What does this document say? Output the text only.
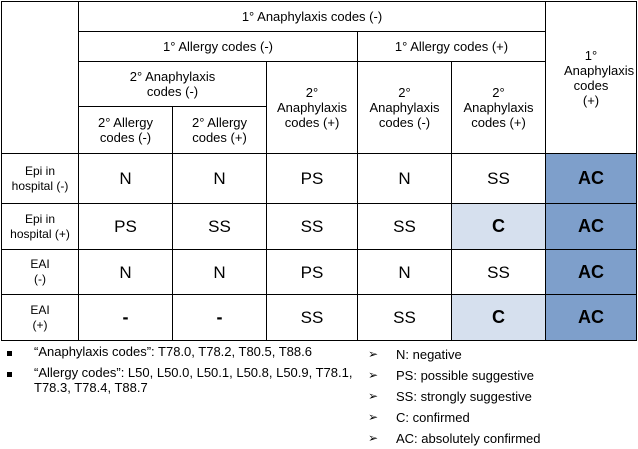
	1° Anaphylaxis codes (-)					1° Anaphylaxis codes (+)
	1° Allergy codes (-)			1° Allergy codes (+)		
	2° Anaphylaxis codes (-)		2° Anaphylaxis codes (+)	2° Anaphylaxis codes (-)	2° Anaphylaxis codes (+)	
	2° Allergy codes (-)	2° Allergy codes (+)				
Epi in hospital (-)	N	N	PS	N	SS	AC
Epi in hospital (+)	PS	SS	SS	SS	C	AC
EAI (-)	N	N	PS	N	SS	AC
EAI (+)	-	-	SS	SS	C	AC
“Anaphylaxis codes”: T78.0, T78.2, T80.5, T88.6
“Allergy codes”: L50, L50.0, L50.1, L50.8, L50.9, T78.1, T78.3, T78.4, T88.7
➢	N: negative
➢	PS: possible suggestive
➢	SS: strongly suggestive
➢	C: confirmed
➢	AC: absolutely confirmed
